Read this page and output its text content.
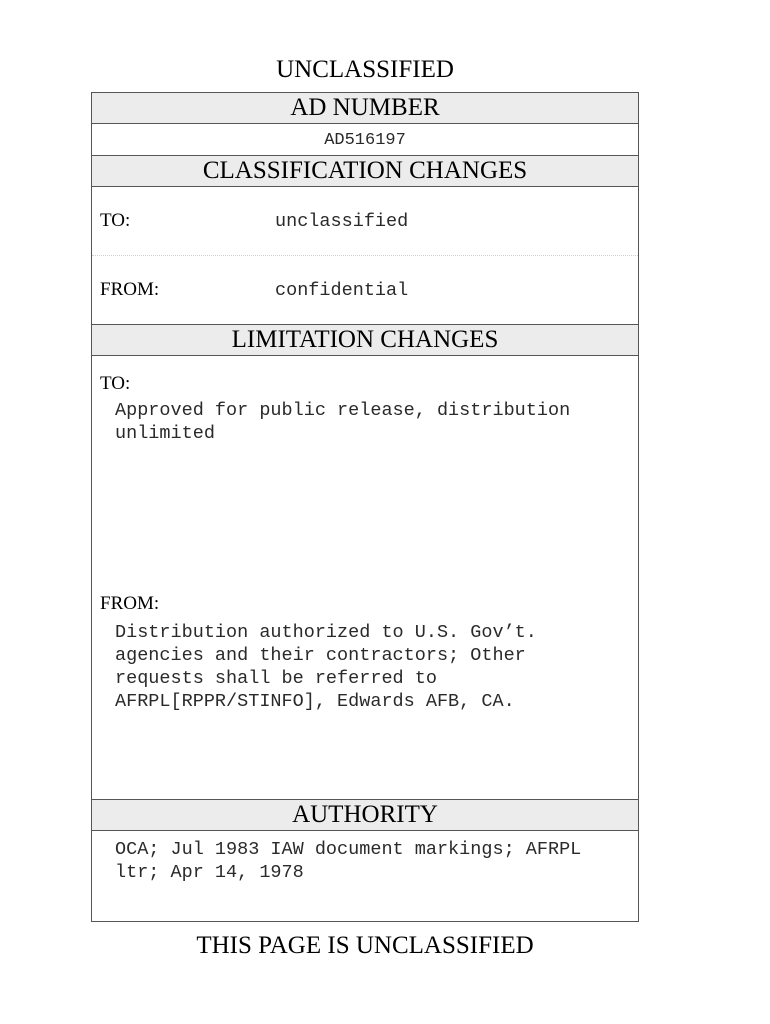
UNCLASSIFIED
AD NUMBER
AD516197
CLASSIFICATION CHANGES
TO:	unclassified
FROM:	confidential
LIMITATION CHANGES
TO:
Approved for public release, distribution
unlimited
FROM:
Distribution authorized to U.S. Gov’t.
agencies and their contractors; Other
requests shall be referred to
AFRPL[RPPR/STINFO], Edwards AFB, CA.
AUTHORITY
OCA; Jul 1983 IAW document markings; AFRPL
ltr; Apr 14, 1978
THIS PAGE IS UNCLASSIFIED
